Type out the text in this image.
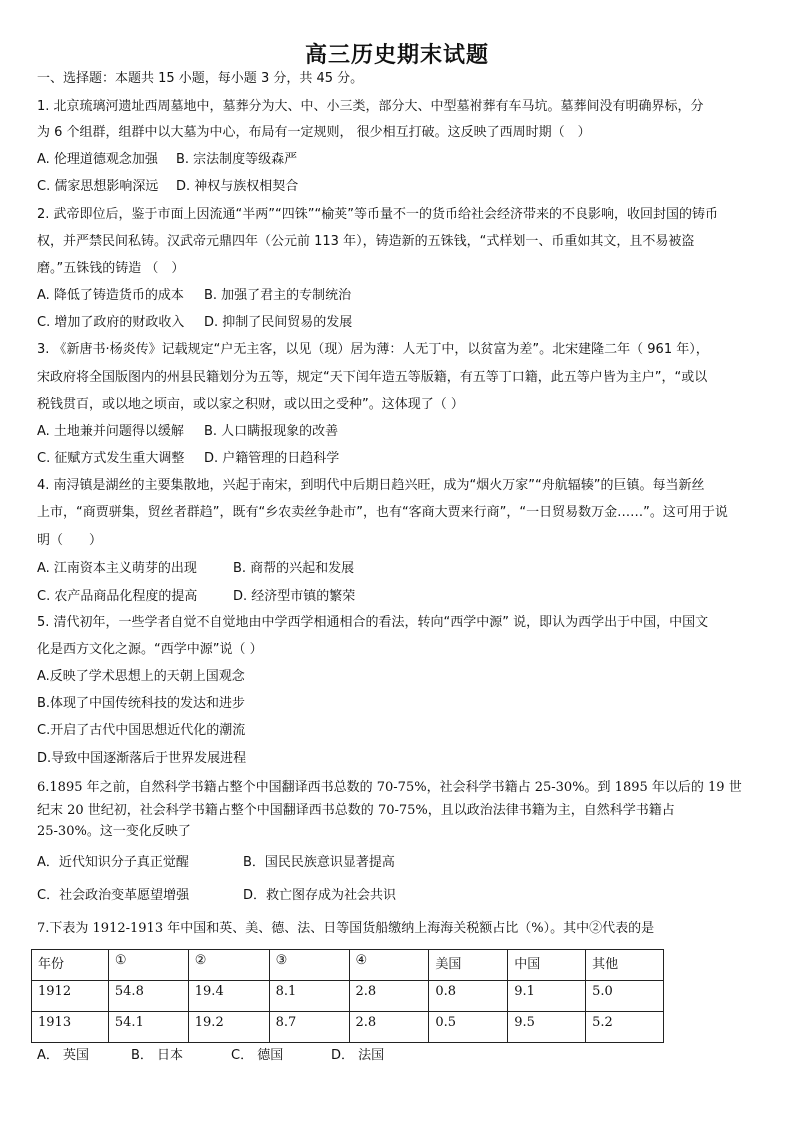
高三历史期末试题
一、选择题：本题共 15 小题，每小题 3 分，共 45 分。
1. 北京琉璃河遗址西周墓地中，墓葬分为大、中、小三类，部分大、中型墓祔葬有车马坑。墓葬间没有明确界标，分
为 6 个组群，组群中以大墓为中心，布局有一定规则， 很少相互打破。这反映了西周时期（　）
A. 伦理道德观念加强 B. 宗法制度等级森严
C. 儒家思想影响深远 D. 神权与族权相契合
2. 武帝即位后，鉴于市面上因流通“半两”“四铢”“榆荚”等币量不一的货币给社会经济带来的不良影响，收回封国的铸币
权，并严禁民间私铸。汉武帝元鼎四年（公元前 113 年），铸造新的五铢钱，“式样划一、币重如其文，且不易被盗
磨。”五铢钱的铸造 （　）
A. 降低了铸造货币的成本 B. 加强了君主的专制统治
C. 增加了政府的财政收入 D. 抑制了民间贸易的发展
3. 《新唐书·杨炎传》记载规定“户无主客，以见（现）居为薄：人无丁中，以贫富为差”。北宋建隆二年（ 961 年），
宋政府将全国版图内的州县民籍划分为五等，规定“天下闰年造五等版籍，有五等丁口籍，此五等户皆为主户”，“或以
税钱贯百，或以地之顷亩，或以家之积财，或以田之受种”。这体现了（ ）
A. 土地兼并问题得以缓解 B. 人口瞒报现象的改善
C. 征赋方式发生重大调整 D. 户籍管理的日趋科学
4. 南浔镇是湖丝的主要集散地，兴起于南宋，到明代中后期日趋兴旺，成为“烟火万家”“舟航辐辏”的巨镇。每当新丝
上市，“商贾骈集，贸丝者群趋”，既有“乡农卖丝争赴市”，也有“客商大贾来行商”，“一日贸易数万金……”。这可用于说
明（　　）
A. 江南资本主义萌芽的出现	B. 商帮的兴起和发展
C. 农产品商品化程度的提高	D. 经济型市镇的繁荣
5. 清代初年，一些学者自觉不自觉地由中学西学相通相合的看法，转向“西学中源” 说，即认为西学出于中国，中国文
化是西方文化之源。“西学中源”说（ ）
A.反映了学术思想上的天朝上国观念
B.体现了中国传统科技的发达和进步
C.开启了古代中国思想近代化的潮流
D.导致中国逐渐落后于世界发展进程
6.1895 年之前，自然科学书籍占整个中国翻译西书总数的 70-75%，社会科学书籍占 25-30%。到 1895 年以后的 19 世
纪末 20 世纪初，社会科学书籍占整个中国翻译西书总数的 70-75%，且以政治法律书籍为主，自然科学书籍占
25-30%。这一变化反映了
A．近代知识分子真正觉醒	B．国民民族意识显著提高
C．社会政治变革愿望增强	D．救亡图存成为社会共识
7.下表为 1912-1913 年中国和英、美、德、法、日等国货船缴纳上海海关税额占比（%）。其中②代表的是
年份	①	②	③	④	美国	中国	其他
1912	54.8	19.4	8.1	2.8	0.8	9.1	5.0
1913	54.1	19.2	8.7	2.8	0.5	9.5	5.2
A． 英国	B． 日本	C． 德国	D． 法国
